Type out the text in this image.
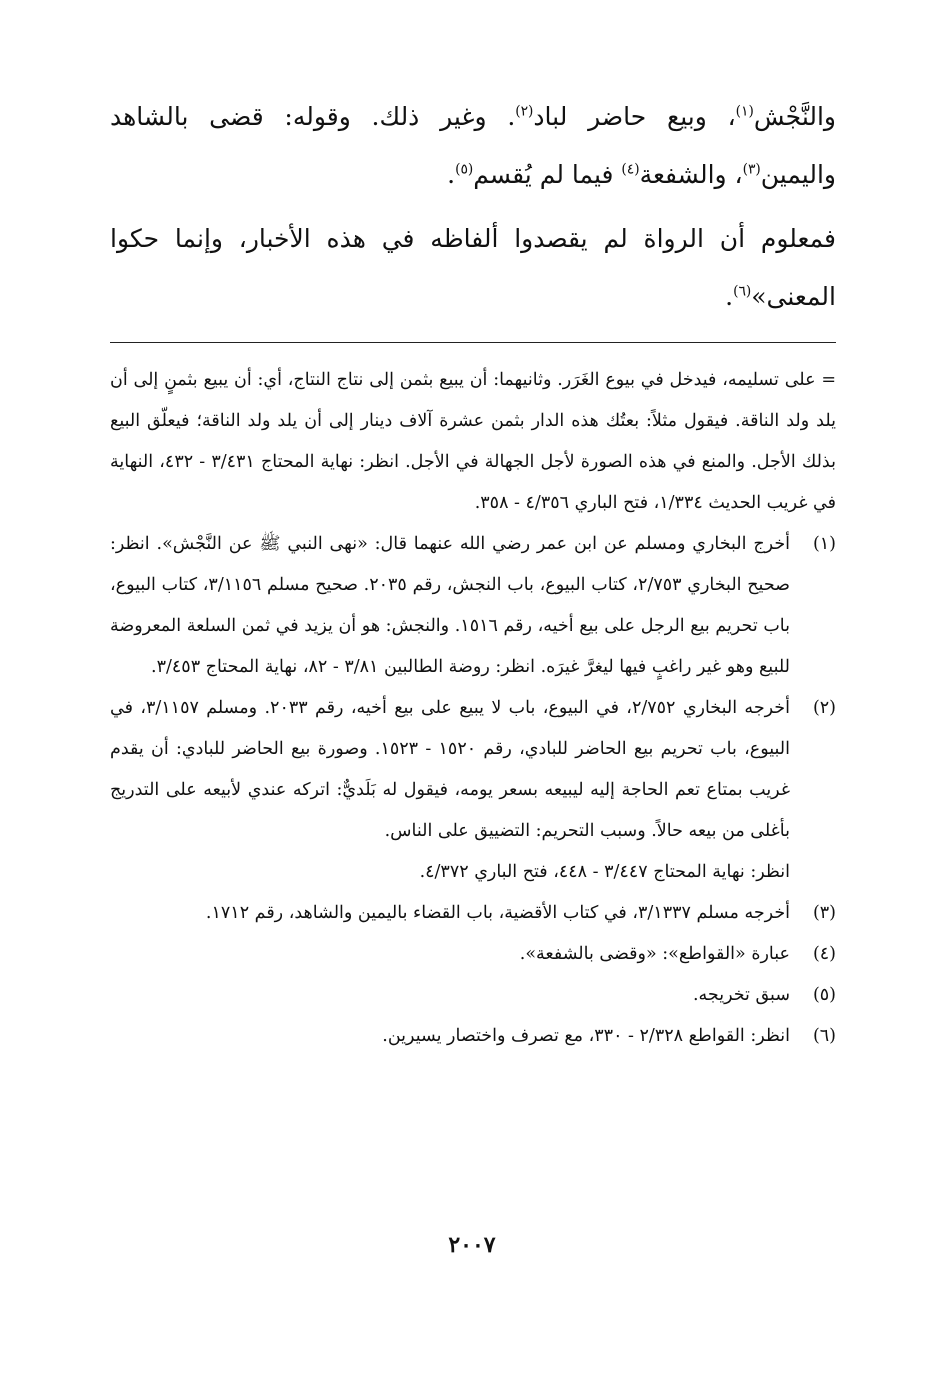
والنَّجْش$^{(١)}$، وبيع حاضر لباد$^{(٢)}$. وغير ذلك. وقوله: قضى بالشاهد واليمين$^{(٣)}$، والشفعة$^{(٤)}$ فيما لم يُقسم$^{(٥)}$.

فمعلوم أن الرواة لم يقصدوا ألفاظه في هذه الأخبار، وإنما حكوا المعنى»$^{(٦)}$.

= على تسليمه، فيدخل في بيوع الغَرَر. وثانيهما: أن يبيع بثمن إلى نتاج النتاج، أي: أن يبيع بثمنٍ إلى أن يلد ولد الناقة. فيقول مثلاً: بعتُك هذه الدار بثمن عشرة آلاف دينار إلى أن يلد ولد الناقة؛ فيعلّق البيع بذلك الأجل. والمنع في هذه الصورة لأجل الجهالة في الأجل. انظر: نهاية المحتاج ٣/٤٣١ - ٤٣٢، النهاية في غريب الحديث ١/٣٣٤، فتح الباري ٤/٣٥٦ - ٣٥٨.

(١)
أخرج البخاري ومسلم عن ابن عمر رضي الله عنهما قال: «نهى النبي ﷺ عن النَّجْش». انظر: صحيح البخاري ٢/٧٥٣، كتاب البيوع، باب النجش، رقم ٢٠٣٥. صحيح مسلم ٣/١١٥٦، كتاب البيوع، باب تحريم بيع الرجل على بيع أخيه، رقم ١٥١٦. والنجش: هو أن يزيد في ثمن السلعة المعروضة للبيع وهو غير راغبٍ فيها ليغرَّ غيرَه. انظر: روضة الطالبين ٣/٨١ - ٨٢، نهاية المحتاج ٣/٤٥٣.
(٢)

أخرجه البخاري ٢/٧٥٢، في البيوع، باب لا يبيع على بيع أخيه، رقم ٢٠٣٣. ومسلم ٣/١١٥٧، في البيوع، باب تحريم بيع الحاضر للبادي، رقم ١٥٢٠ - ١٥٢٣. وصورة بيع الحاضر للبادي: أن يقدم غريب بمتاع تعم الحاجة إليه ليبيعه بسعر يومه، فيقول له بَلَديٌّ: اتركه عندي لأبيعه على التدريج بأغلى من بيعه حالاً. وسبب التحريم: التضييق على الناس.

انظر: نهاية المحتاج ٣/٤٤٧ - ٤٤٨، فتح الباري ٤/٣٧٢.

(٣)
أخرجه مسلم ٣/١٣٣٧، في كتاب الأقضية، باب القضاء باليمين والشاهد، رقم ١٧١٢.
(٤)
عبارة «القواطع»: «وقضى بالشفعة».
(٥)
سبق تخريجه.
(٦)
انظر: القواطع ٢/٣٢٨ - ٣٣٠، مع تصرف واختصار يسيرين.
٢٠٠٧
